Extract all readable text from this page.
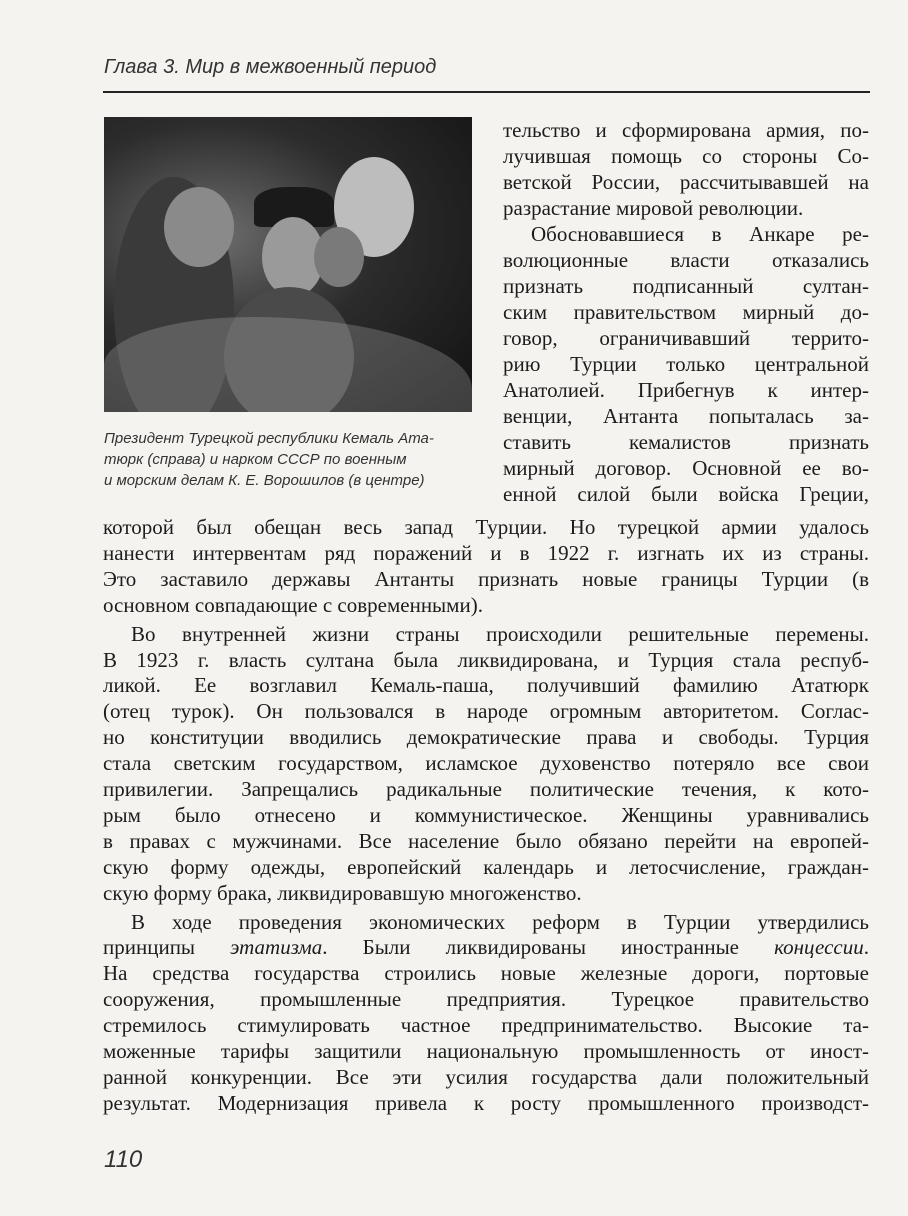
Глава 3. Мир в межвоенный период
Президент Турецкой республики Кемаль Ата-
тюрк (справа) и нарком СССР по военным
и морским делам К. Е. Ворошилов (в центре)
тельство и сформирована армия, по-
лучившая помощь со стороны Со-
ветской России, рассчитывавшей на
разрастание мировой революции.
Обосновавшиеся в Анкаре ре-
волюционные власти отказались
признать подписанный султан-
ским правительством мирный до-
говор, ограничивавший террито-
рию Турции только центральной
Анатолией. Прибегнув к интер-
венции, Антанта попыталась за-
ставить кемалистов признать
мирный договор. Основной ее во-
енной силой были войска Греции,
которой был обещан весь запад Турции. Но турецкой армии удалось
нанести интервентам ряд поражений и в 1922 г. изгнать их из страны.
Это заставило державы Антанты признать новые границы Турции (в
основном совпадающие с современными).
Во внутренней жизни страны происходили решительные перемены.
В 1923 г. власть султана была ликвидирована, и Турция стала респуб-
ликой. Ее возглавил Кемаль-паша, получивший фамилию Ататюрк
(отец турок). Он пользовался в народе огромным авторитетом. Соглас-
но конституции вводились демократические права и свободы. Турция
стала светским государством, исламское духовенство потеряло все свои
привилегии. Запрещались радикальные политические течения, к кото-
рым было отнесено и коммунистическое. Женщины уравнивались
в правах с мужчинами. Все население было обязано перейти на европей-
скую форму одежды, европейский календарь и летосчисление, граждан-
скую форму брака, ликвидировавшую многоженство.
В ходе проведения экономических реформ в Турции утвердились
принципы этатизма. Были ликвидированы иностранные концессии.
На средства государства строились новые железные дороги, портовые
сооружения, промышленные предприятия. Турецкое правительство
стремилось стимулировать частное предпринимательство. Высокие та-
моженные тарифы защитили национальную промышленность от иност-
ранной конкуренции. Все эти усилия государства дали положительный
результат. Модернизация привела к росту промышленного производст-
110
